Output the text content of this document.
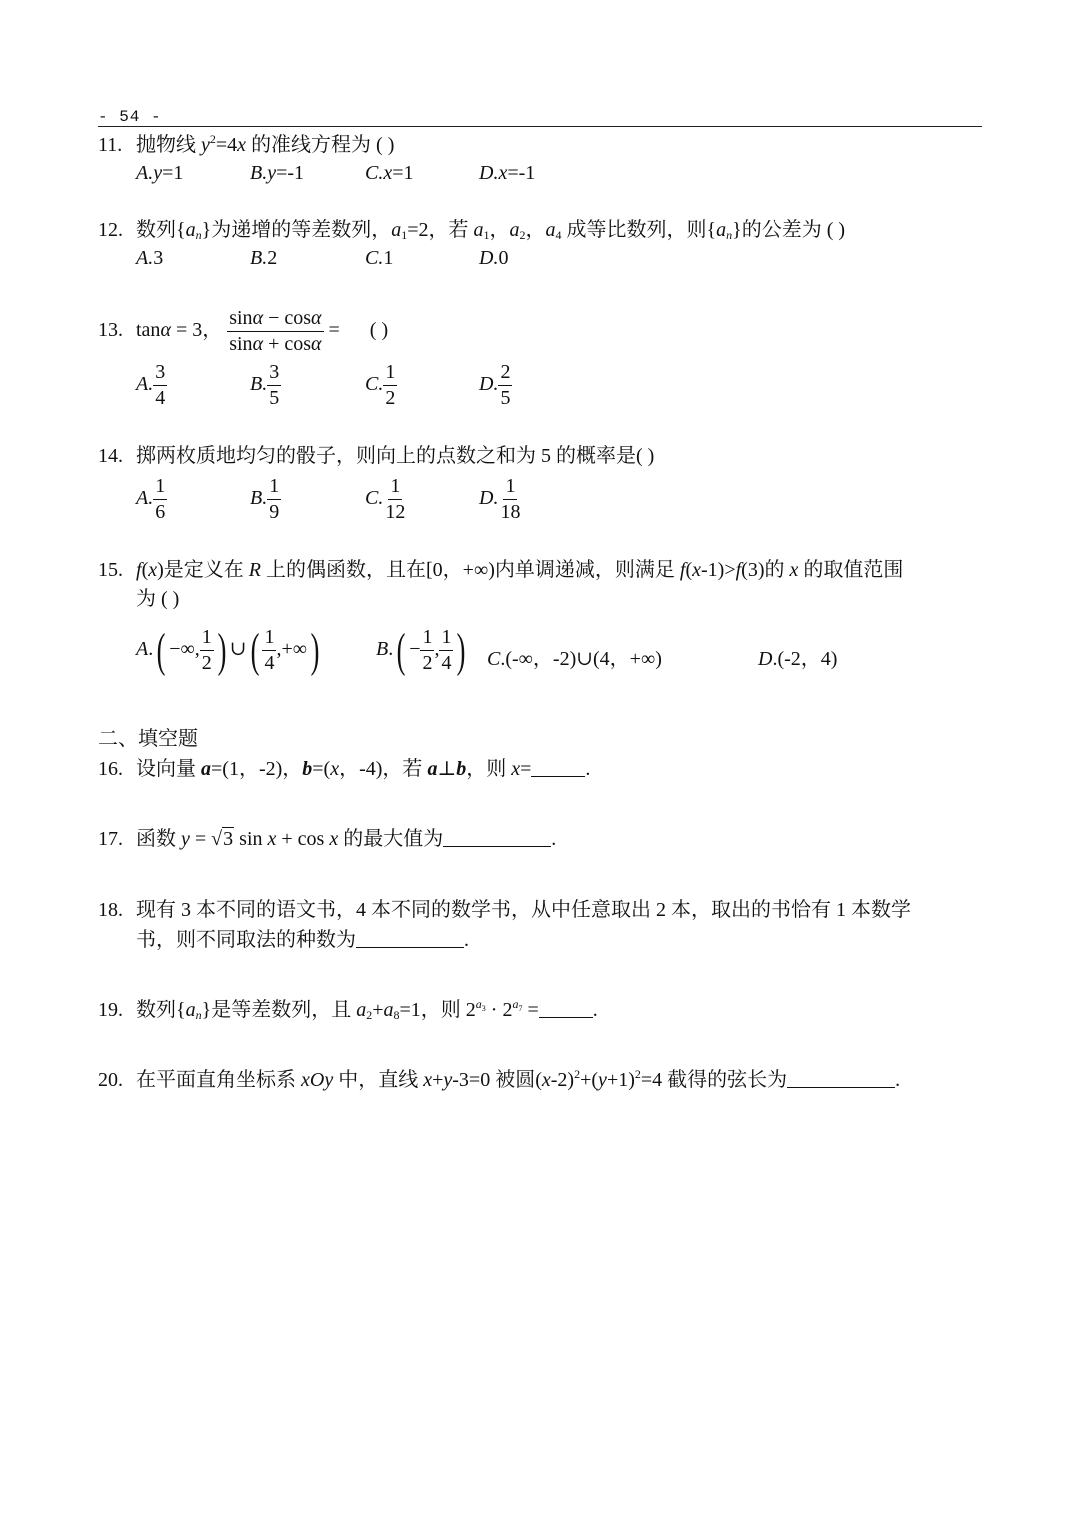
- 54 -
11. 抛物线 $y^2=4x$ 的准线方程为 ( )
A.y=1	B.y=-1	C.x=1	D.x=-1
12. 数列$\{a_n\}$为递增的等差数列，$a_1=2$，若 $a_1$，$a_2$，$a_4$ 成等比数列，则$\{a_n\}$的公差为 ( )
A.3	B.2	C.1	D.0
13. tanα = 3， $\frac{\sin\alpha - \cos\alpha}{\sin\alpha + \cos\alpha}$ =      ( )
A. $\frac{3}{4}$	B. $\frac{3}{5}$	C. $\frac{1}{2}$	D. $\frac{2}{5}$
14. 掷两枚质地均匀的骰子，则向上的点数之和为 5 的概率是( )
A. $\frac{1}{6}$	B. $\frac{1}{9}$	C. $\frac{1}{12}$	D. $\frac{1}{18}$
15. f(x)是定义在 R 上的偶函数，且在[0，+∞)内单调递减，则满足 f(x-1)>f(3)的 x 的取值范围
为 ( )
A.( −∞, $\frac{1}{2}$ ) ∪( $\frac{1}{4}$ ,+∞)	$B.( - \frac{1}{2}$ , $\frac{1}{4}$ ) C.(-∞，-2)∪(4，+∞)	D.(-2，4)
二、填空题
16. 设向量 a=(1，-2)，b=(x，-4)，若 a⊥b，则 x=	.
17. 函数 y = √3 sin x + cos x 的最大值为	.
18. 现有 3 本不同的语文书，4 本不同的数学书，从中任意取出 2 本，取出的书恰有 1 本数学
书，则不同取法的种数为	.
19. 数列$\{a_n\}$是等差数列，且 $a_2+a_8=1$，则 $2^{a_3} \cdot 2^{a_7}$ =	.
20. 在平面直角坐标系 xOy 中，直线 x+y-3=0 被圆$(x-2)^2+(y+1)^2=4$ 截得的弦长为	.
